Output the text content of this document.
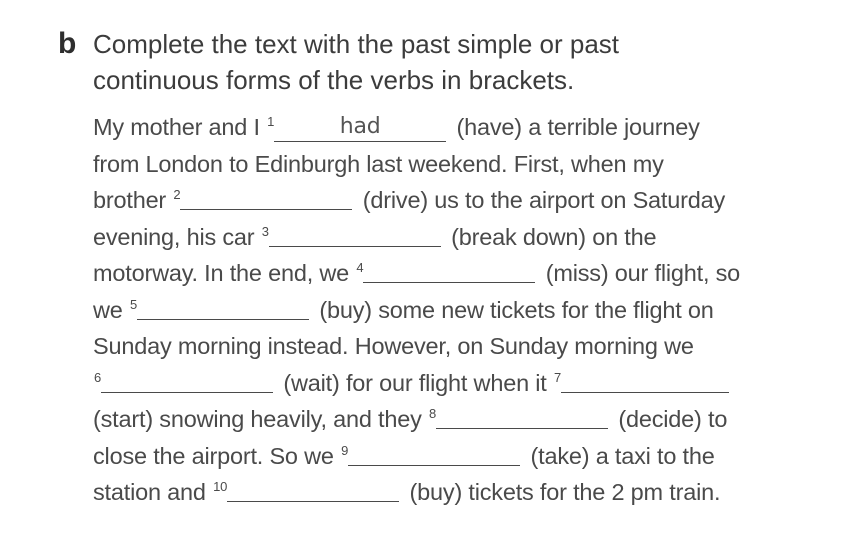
b Complete the text with the past simple or past
continuous forms of the verbs in brackets.
My mother and I $^1$	had	(have) a terrible journey
from London to Edinburgh last weekend. First, when my
brother $^2$	(drive) us to the airport on Saturday
evening, his car $^3$	(break down) on the
motorway. In the end, we $^4$	(miss) our flight, so
we $^5$	(buy) some new tickets for the flight on
Sunday morning instead. However, on Sunday morning we
$^6$	(wait) for our flight when it $^7$
(start) snowing heavily, and they $^8$	(decide) to
close the airport. So we $^9$	(take) a taxi to the
station and $^{10}$	(buy) tickets for the 2 pm train.
